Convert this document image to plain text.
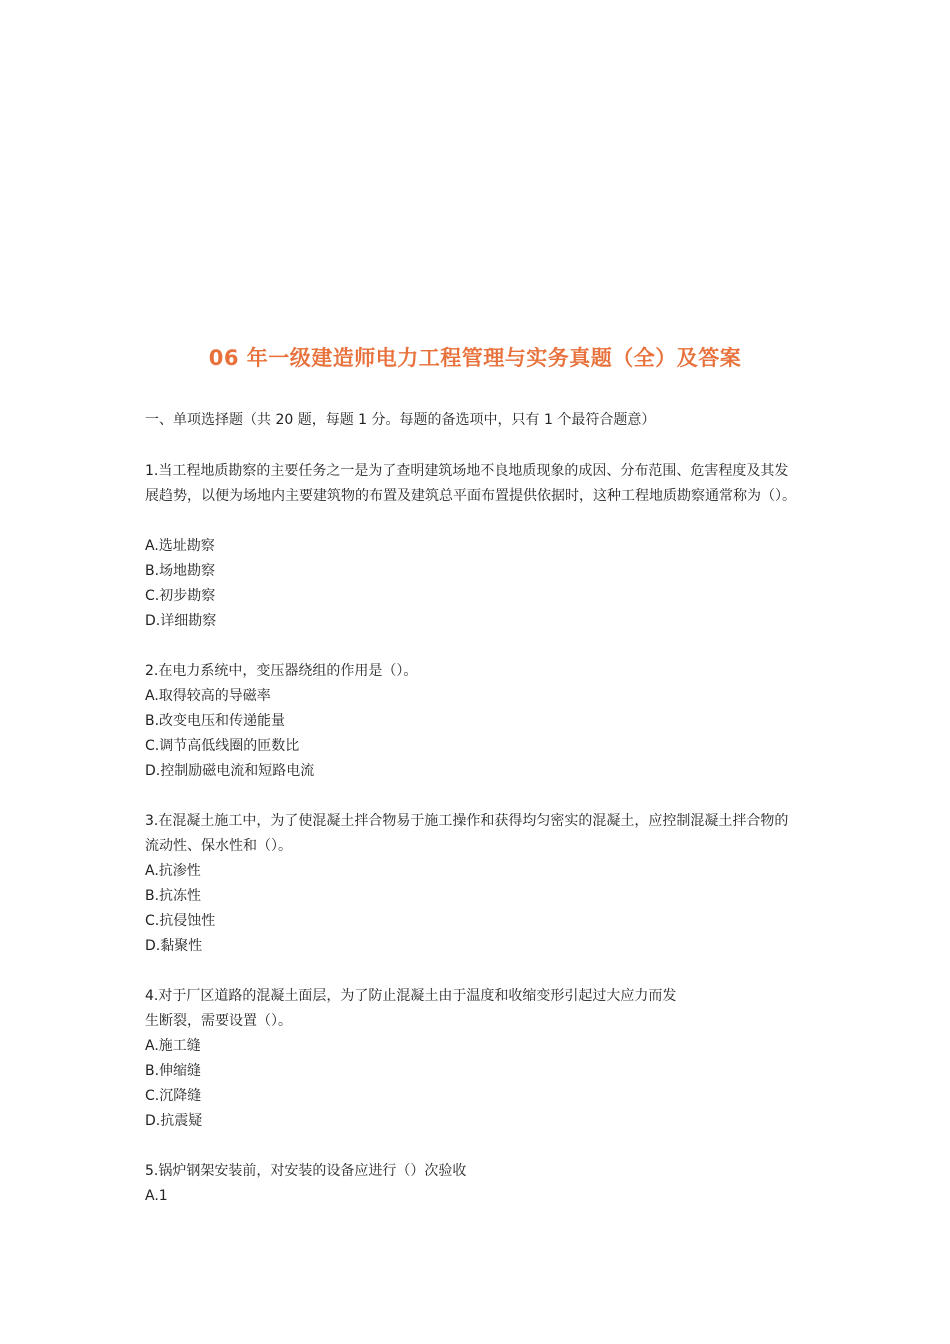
06 年一级建造师电力工程管理与实务真题（全）及答案
一、单项选择题（共 20 题，每题 1 分。每题的备选项中，只有 1 个最符合题意）
1.当工程地质勘察的主要任务之一是为了查明建筑场地不良地质现象的成因、分布范围、危害程度及其发
展趋势，以便为场地内主要建筑物的布置及建筑总平面布置提供依据时，这种工程地质勘察通常称为（）。
A.选址勘察
B.场地勘察
C.初步勘察
D.详细勘察
2.在电力系统中，变压器绕组的作用是（）。
A.取得较高的导磁率
B.改变电压和传递能量
C.调节高低线圈的匝数比
D.控制励磁电流和短路电流
3.在混凝土施工中，为了使混凝土拌合物易于施工操作和获得均匀密实的混凝土，应控制混凝土拌合物的
流动性、保水性和（）。
A.抗渗性
B.抗冻性
C.抗侵蚀性
D.黏聚性
4.对于厂区道路的混凝土面层，为了防止混凝土由于温度和收缩变形引起过大应力而发
生断裂，需要设置（）。
A.施工缝
B.伸缩缝
C.沉降缝
D.抗震疑
5.锅炉钢架安装前，对安装的设备应进行（）次验收
A.1
